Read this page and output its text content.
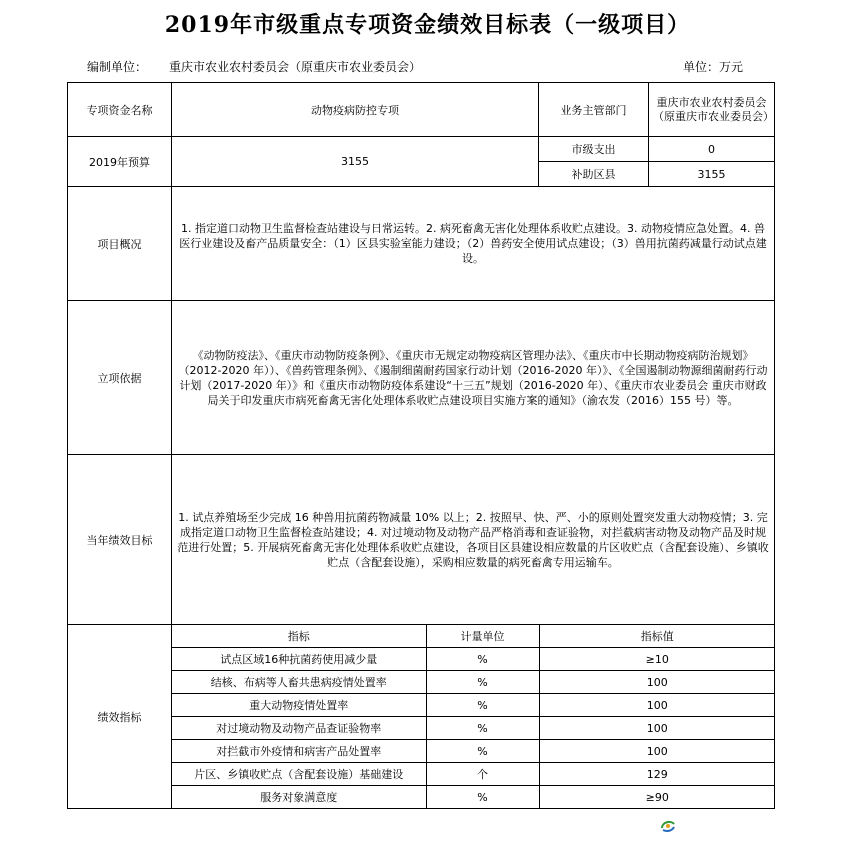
2019年市级重点专项资金绩效目标表（一级项目）
编制单位： 重庆市农业农村委员会（原重庆市农业委员会）	单位：万元
专项资金名称	动物疫病防控专项	业务主管部门	重庆市农业农村委员会（原重庆市农业委员会）
2019年预算	3155	市级支出	0
补助区县	3155
项目概况	1. 指定道口动物卫生监督检查站建设与日常运转。2. 病死畜禽无害化处理体系收贮点建设。3. 动物疫情应急处置。4. 兽医行业建设及畜产品质量安全：（1）区县实验室能力建设；（2）兽药安全使用试点建设；（3）兽用抗菌药减量行动试点建设。
立项依据	《动物防疫法》、《重庆市动物防疫条例》、《重庆市无规定动物疫病区管理办法》、《重庆市中长期动物疫病防治规划》（2012-2020 年））、《兽药管理条例》、《遏制细菌耐药国家行动计划（2016-2020 年）》、《全国遏制动物源细菌耐药行动计划（2017-2020 年）》和《重庆市动物防疫体系建设“十三五”规划（2016-2020 年）、《重庆市农业委员会 重庆市财政局关于印发重庆市病死畜禽无害化处理体系收贮点建设项目实施方案的通知》（渝农发（2016）155 号）等。
当年绩效目标	1. 试点养殖场至少完成 16 种兽用抗菌药物减量 10% 以上；2. 按照早、快、严、小的原则处置突发重大动物疫情；3. 完成指定道口动物卫生监督检查站建设；4. 对过境动物及动物产品严格消毒和查证验物，对拦截病害动物及动物产品及时规范进行处置；5. 开展病死畜禽无害化处理体系收贮点建设，各项目区县建设相应数量的片区收贮点（含配套设施）、乡镇收贮点（含配套设施），采购相应数量的病死畜禽专用运输车。
绩效指标	
指标	计量单位	指标值
试点区域16种抗菌药使用减少量	%	≥10
结核、布病等人畜共患病疫情处置率	%	100
重大动物疫情处置率	%	100
对过境动物及动物产品查证验物率	%	100
对拦截市外疫情和病害产品处置率	%	100
片区、乡镇收贮点（含配套设施）基础建设	个	129
服务对象满意度	%	≥90
